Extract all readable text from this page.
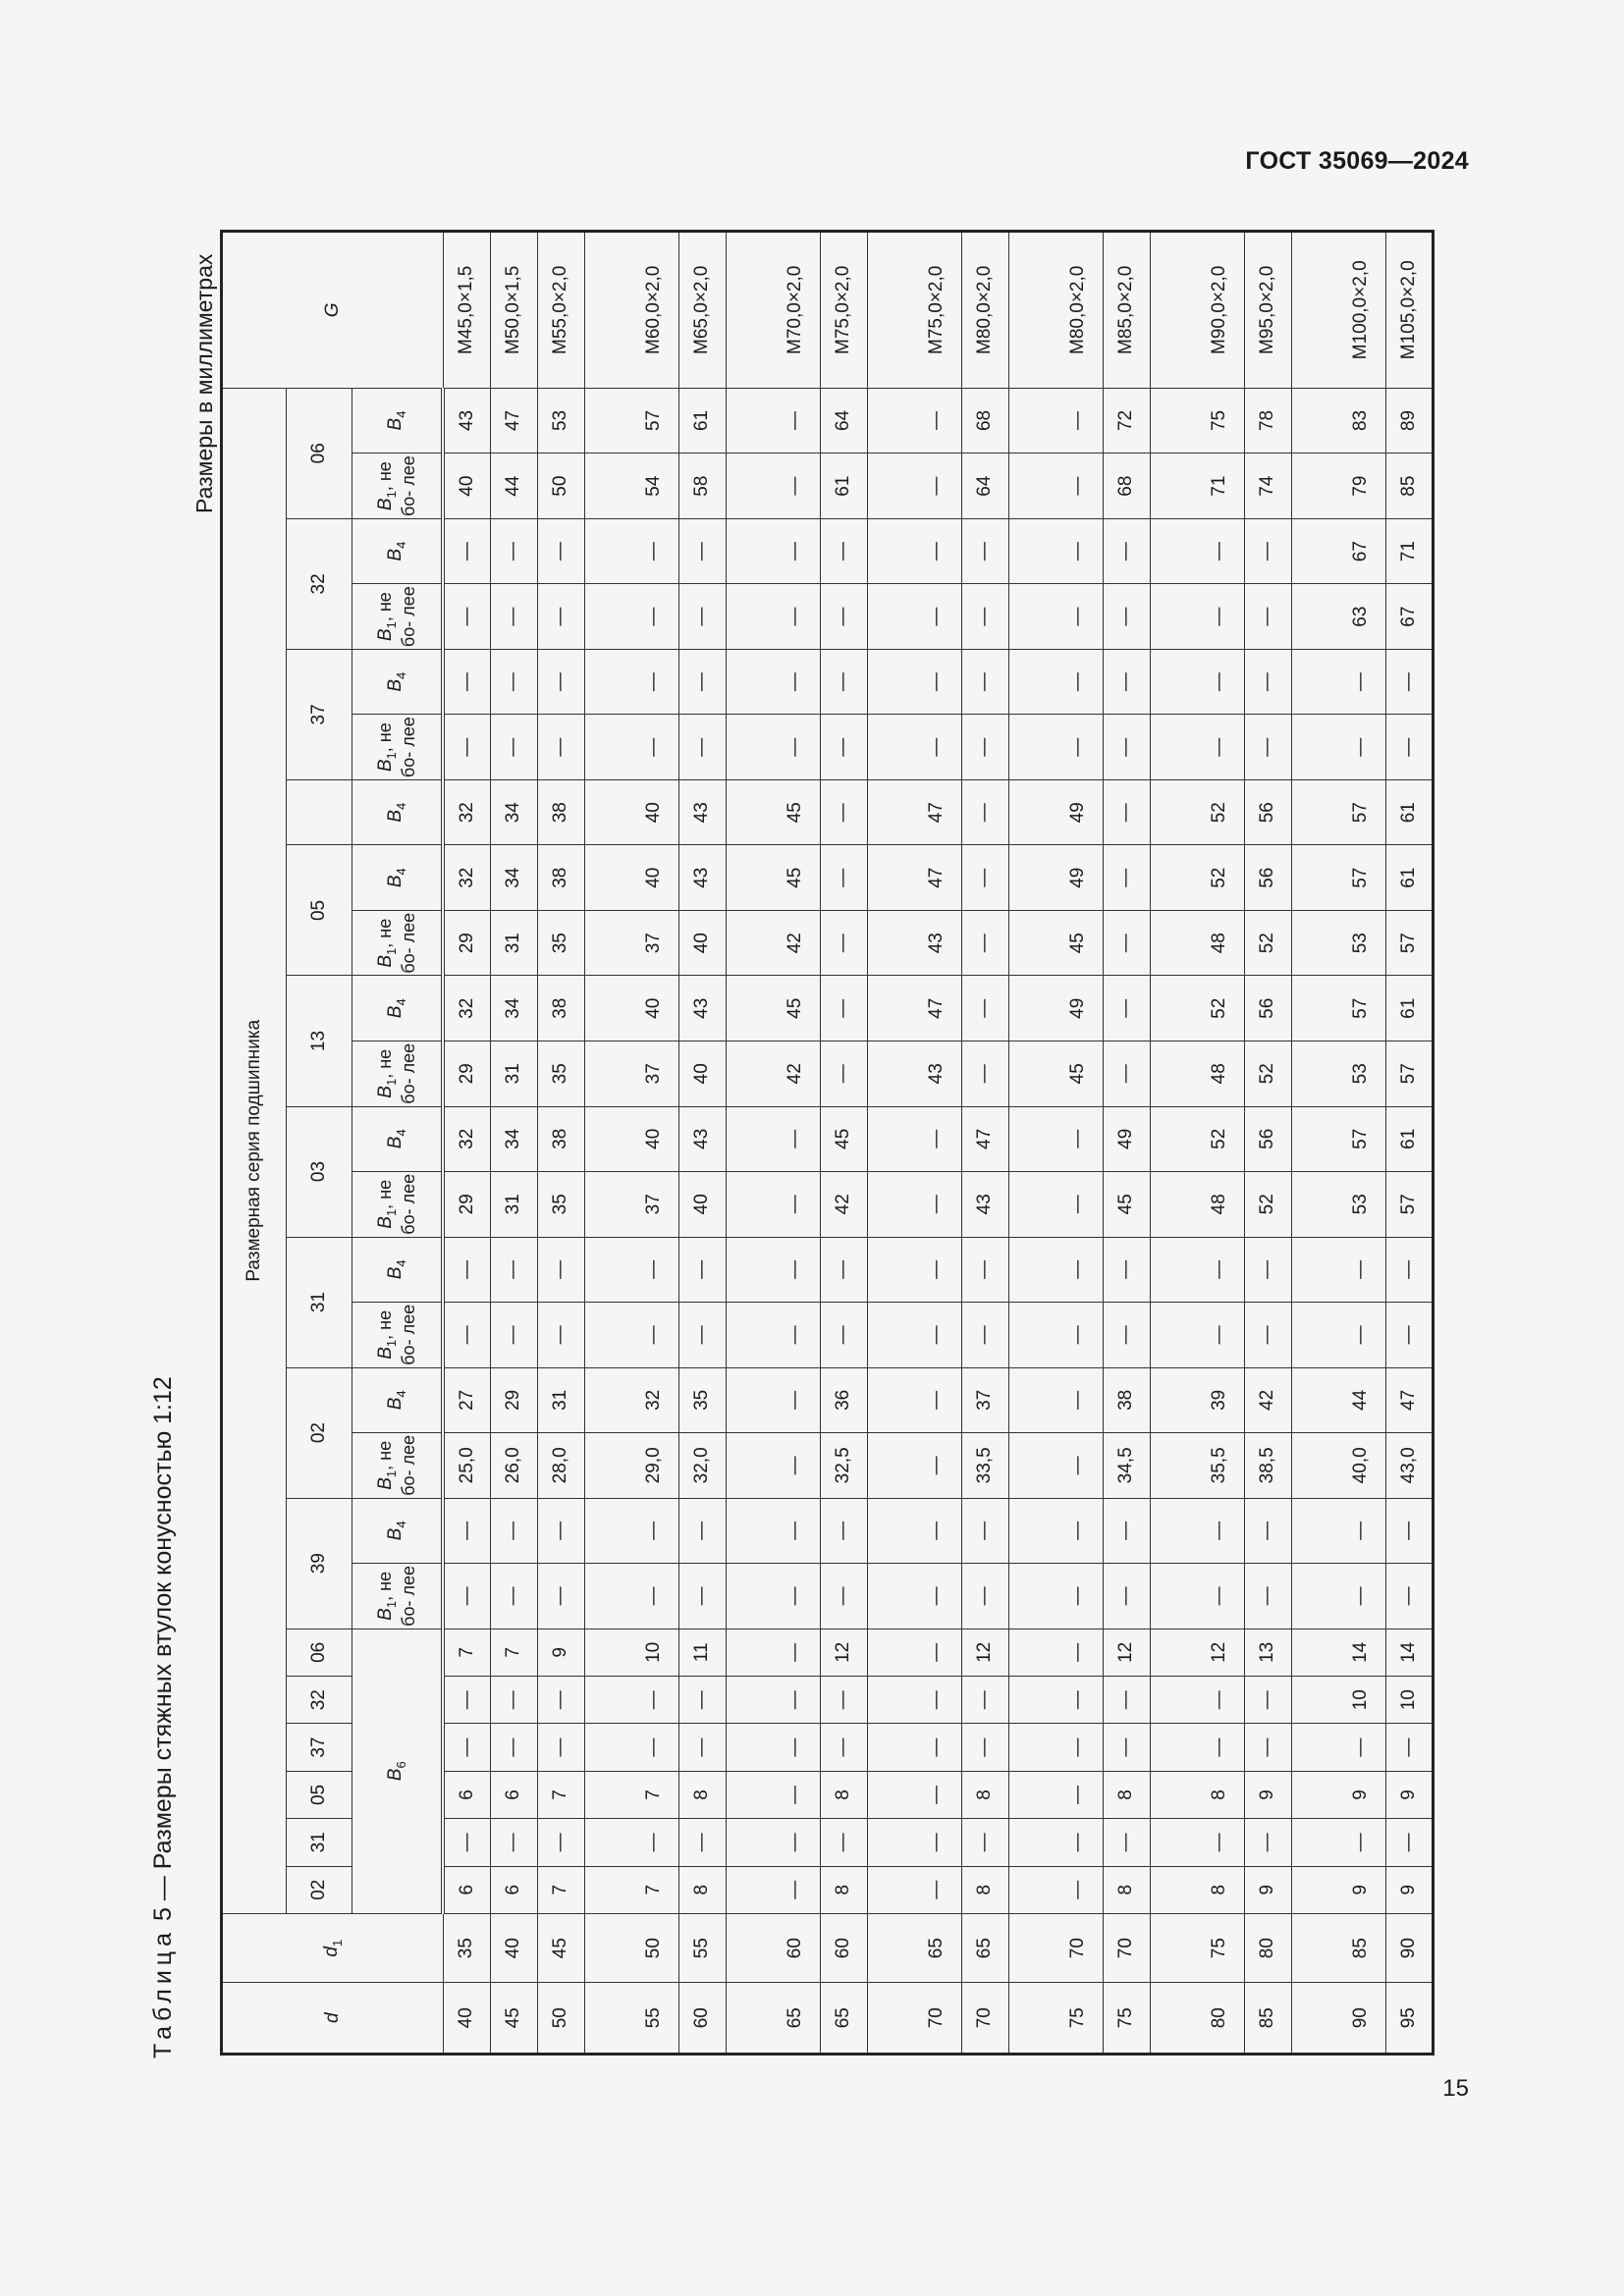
ГОСТ 35069—2024
Размеры в миллиметрах
Таблица 5 — Размеры стяжных втулок конусностью 1:12
d	$d_1$	Размерная серия подшипника																									G
		02	31	05	37	32	06	39		02		31		03		13		05			37		32		06		
		$B_6$						$B_1$, не бо- лее	$B_4$	$B_1$, не бо- лее	$B_4$	$B_1$, не бо- лее	$B_4$	$B_1$, не бо- лее	$B_4$	$B_1$, не бо- лее	$B_4$	$B_1$, не бо- лее	$B_4$	$B_4$	$B_1$, не бо- лее	$B_4$	$B_1$, не бо- лее	$B_4$	$B_1$, не бо- лее	$B_4$
40	35	6	—	6	—	—	7	—	—	25,0	27	—	—	29	32	29	32	29	32	32	—	—	—	—	40	43	M45,0×1,5
45	40	6	—	6	—	—	7	—	—	26,0	29	—	—	31	34	31	34	31	34	34	—	—	—	—	44	47	M50,0×1,5
50	45	7	—	7	—	—	9	—	—	28,0	31	—	—	35	38	35	38	35	38	38	—	—	—	—	50	53	M55,0×2,0
55	50	7	—	7	—	—	10	—	—	29,0	32	—	—	37	40	37	40	37	40	40	—	—	—	—	54	57	M60,0×2,0
60	55	8	—	8	—	—	11	—	—	32,0	35	—	—	40	43	40	43	40	43	43	—	—	—	—	58	61	M65,0×2,0
65	60	—	—	—	—	—	—	—	—	—	—	—	—	—	—	42	45	42	45	45	—	—	—	—	—	—	M70,0×2,0
65	60	8	—	8	—	—	12	—	—	32,5	36	—	—	42	45	—	—	—	—	—	—	—	—	—	61	64	M75,0×2,0
70	65	—	—	—	—	—	—	—	—	—	—	—	—	—	—	43	47	43	47	47	—	—	—	—	—	—	M75,0×2,0
70	65	8	—	8	—	—	12	—	—	33,5	37	—	—	43	47	—	—	—	—	—	—	—	—	—	64	68	M80,0×2,0
75	70	—	—	—	—	—	—	—	—	—	—	—	—	—	—	45	49	45	49	49	—	—	—	—	—	—	M80,0×2,0
75	70	8	—	8	—	—	12	—	—	34,5	38	—	—	45	49	—	—	—	—	—	—	—	—	—	68	72	M85,0×2,0
80	75	8	—	8	—	—	12	—	—	35,5	39	—	—	48	52	48	52	48	52	52	—	—	—	—	71	75	M90,0×2,0
85	80	9	—	9	—	—	13	—	—	38,5	42	—	—	52	56	52	56	52	56	56	—	—	—	—	74	78	M95,0×2,0
90	85	9	—	9	—	10	14	—	—	40,0	44	—	—	53	57	53	57	53	57	57	—	—	63	67	79	83	M100,0×2,0
95	90	9	—	9	—	10	14	—	—	43,0	47	—	—	57	61	57	61	57	61	61	—	—	67	71	85	89	M105,0×2,0
15
